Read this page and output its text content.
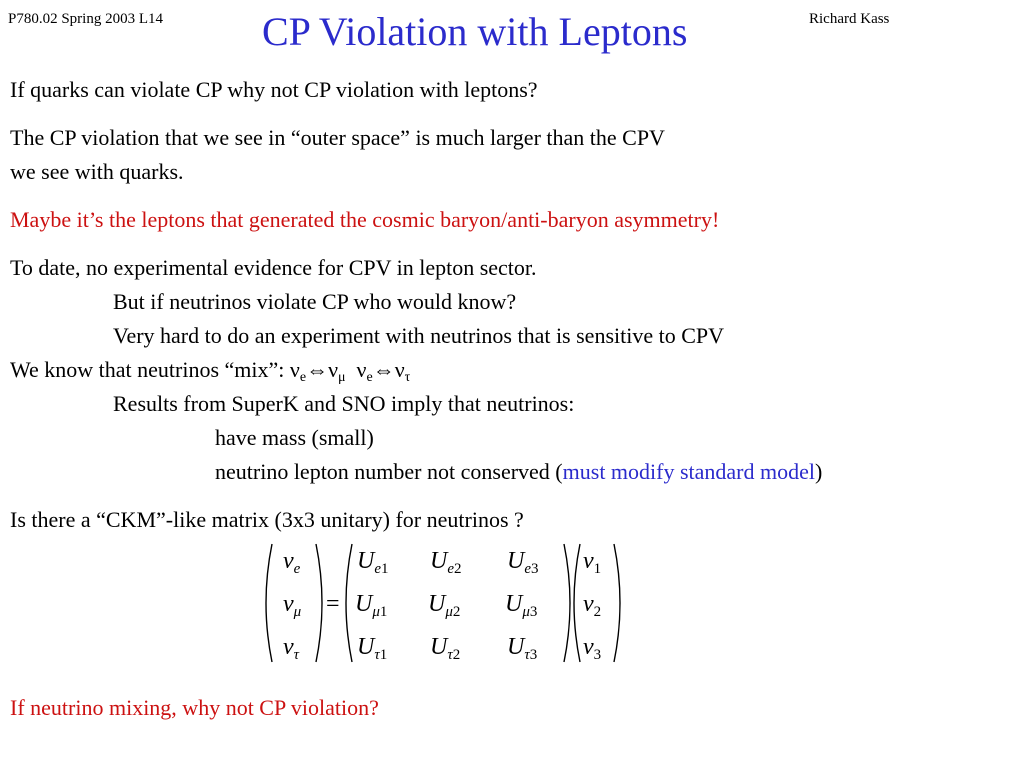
P780.02 Spring 2003 L14 CP Violation with Leptons	Richard Kass
If quarks can violate CP why not CP violation with leptons?
The CP violation that we see in “outer space” is much larger than the CPV
we see with quarks.
Maybe it’s the leptons that generated the cosmic baryon/anti-baryon asymmetry!
To date, no experimental evidence for CPV in lepton sector.
But if neutrinos violate CP who would know?
Very hard to do an experiment with neutrinos that is sensitive to CPV
We know that neutrinos “mix”: $\nu_e\Leftrightarrow\nu_\mu$ $\nu_e\Leftrightarrow\nu_\tau$
Results from SuperK and SNO imply that neutrinos:
have mass (small)
neutrino lepton number not conserved (must modify standard model)
Is there a “CKM”-like matrix (3x3 unitary) for neutrinos ?
$\nu_e$
$\nu_\mu$
$\nu_\tau$
=
$U_{e1}$ $U_{e2}$ $U_{e3}$
$U_{\mu 1}$ $U_{\mu 2}$ $U_{\mu 3}$
$U_{\tau 1}$ $U_{\tau 2}$ $U_{\tau 3}$
$\nu_1$
$\nu_2$
$\nu_3$
If neutrino mixing, why not CP violation?
